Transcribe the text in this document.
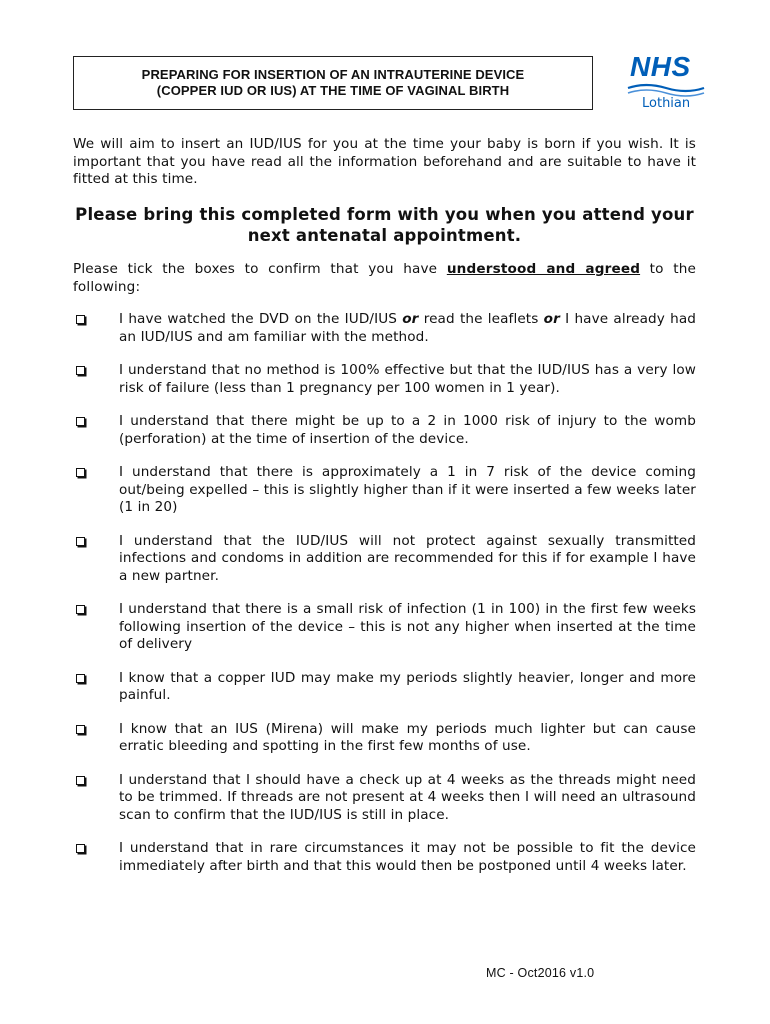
PREPARING FOR INSERTION OF AN INTRAUTERINE DEVICE
(COPPER IUD OR IUS) AT THE TIME OF VAGINAL BIRTH
NHS
Lothian

We will aim to insert an IUD/IUS for you at the time your baby is born if you wish. It is important that you have read all the information beforehand and are suitable to have it fitted at this time.

Please bring this completed form with you when you attend your next antenatal appointment.

Please tick the boxes to confirm that you have understood and agreed to the following:

I have watched the DVD on the IUD/IUS or read the leaflets or I have already had an IUD/IUS and am familiar with the method.
I understand that no method is 100% effective but that the IUD/IUS has a very low risk of failure (less than 1 pregnancy per 100 women in 1 year).
I understand that there might be up to a 2 in 1000 risk of injury to the womb (perforation) at the time of insertion of the device.
I understand that there is approximately a 1 in 7 risk of the device coming out/being expelled – this is slightly higher than if it were inserted a few weeks later (1 in 20)
I understand that the IUD/IUS will not protect against sexually transmitted infections and condoms in addition are recommended for this if for example I have a new partner.
I understand that there is a small risk of infection (1 in 100) in the first few weeks following insertion of the device – this is not any higher when inserted at the time of delivery
I know that a copper IUD may make my periods slightly heavier, longer and more painful.
I know that an IUS (Mirena) will make my periods much lighter but can cause erratic bleeding and spotting in the first few months of use.
I understand that I should have a check up at 4 weeks as the threads might need to be trimmed. If threads are not present at 4 weeks then I will need an ultrasound scan to confirm that the IUD/IUS is still in place.
I understand that in rare circumstances it may not be possible to fit the device immediately after birth and that this would then be postponed until 4 weeks later.
MC - Oct2016 v1.0
